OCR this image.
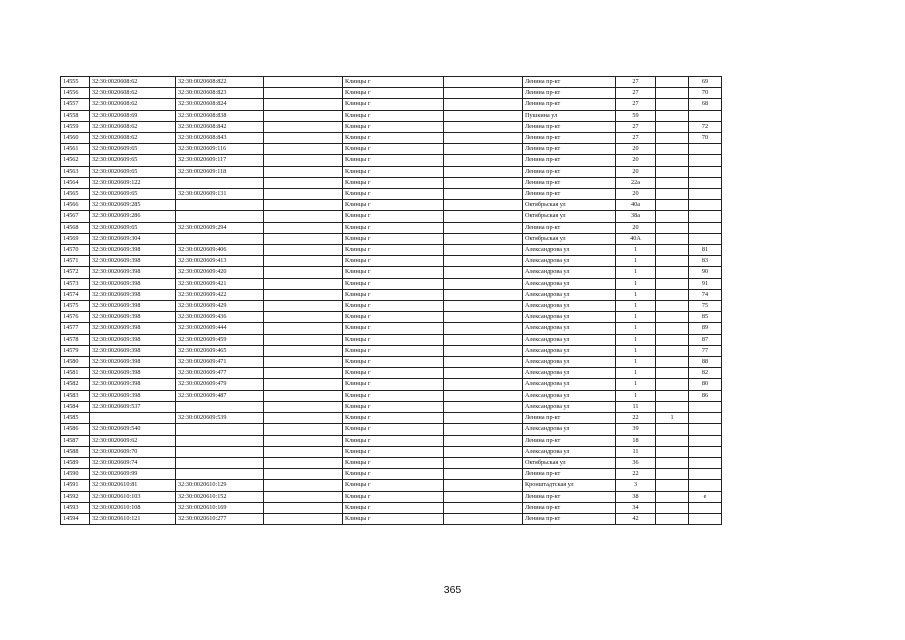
14555	32:30:0020608:62	32:30:0020608:822		Клинцы г		Ленина пр-кт	27		69
14556	32:30:0020608:62	32:30:0020608:823		Клинцы г		Ленина пр-кт	27		70
14557	32:30:0020608:62	32:30:0020608:824		Клинцы г		Ленина пр-кт	27		68
14558	32:30:0020608:69	32:30:0020608:838		Клинцы г		Пушкина ул	59		
14559	32:30:0020608:62	32:30:0020608:842		Клинцы г		Ленина пр-кт	27		72
14560	32:30:0020608:62	32:30:0020608:843		Клинцы г		Ленина пр-кт	27		70
14561	32:30:0020609:65	32:30:0020609:116		Клинцы г		Ленина пр-кт	20		
14562	32:30:0020609:65	32:30:0020609:117		Клинцы г		Ленина пр-кт	20		
14563	32:30:0020609:65	32:30:0020609:118		Клинцы г		Ленина пр-кт	20		
14564	32:30:0020609:122			Клинцы г		Ленина пр-кт	22а		
14565	32:30:0020609:65	32:30:0020609:131		Клинцы г		Ленина пр-кт	20		
14566	32:30:0020609:285			Клинцы г		Октябрьская ул	40а		
14567	32:30:0020609:286			Клинцы г		Октябрьская ул	38а		
14568	32:30:0020609:65	32:30:0020609:294		Клинцы г		Ленина пр-кт	20		
14569	32:30:0020609:304			Клинцы г		Октябрьская ул	40А		
14570	32:30:0020609:398	32:30:0020609:406		Клинцы г		Александрова ул	1		81
14571	32:30:0020609:398	32:30:0020609:413		Клинцы г		Александрова ул	1		83
14572	32:30:0020609:398	32:30:0020609:420		Клинцы г		Александрова ул	1		90
14573	32:30:0020609:398	32:30:0020609:421		Клинцы г		Александрова ул	1		91
14574	32:30:0020609:398	32:30:0020609:422		Клинцы г		Александрова ул	1		74
14575	32:30:0020609:398	32:30:0020609:429		Клинцы г		Александрова ул	1		75
14576	32:30:0020609:398	32:30:0020609:436		Клинцы г		Александрова ул	1		85
14577	32:30:0020609:398	32:30:0020609:444		Клинцы г		Александрова ул	1		89
14578	32:30:0020609:398	32:30:0020609:459		Клинцы г		Александрова ул	1		87
14579	32:30:0020609:398	32:30:0020609:465		Клинцы г		Александрова ул	1		77
14580	32:30:0020609:398	32:30:0020609:471		Клинцы г		Александрова ул	1		88
14581	32:30:0020609:398	32:30:0020609:477		Клинцы г		Александрова ул	1		82
14582	32:30:0020609:398	32:30:0020609:479		Клинцы г		Александрова ул	1		80
14583	32:30:0020609:398	32:30:0020609:487		Клинцы г		Александрова ул	1		86
14584	32:30:0020609:537			Клинцы г		Александрова ул	11		
14585		32:30:0020609:539		Клинцы г		Ленина пр-кт	22	1	
14586	32:30:0020609:540			Клинцы г		Александрова ул	39		
14587	32:30:0020609:62			Клинцы г		Ленина пр-кт	18		
14588	32:30:0020609:70			Клинцы г		Александрова ул	11		
14589	32:30:0020609:74			Клинцы г		Октябрьская ул	36		
14590	32:30:0020609:99			Клинцы г		Ленина пр-кт	22		
14591	32:30:0020610:81	32:30:0020610:129		Клинцы г		Кронштадтская ул	3		
14592	32:30:0020610:103	32:30:0020610:152		Клинцы г		Ленина пр-кт	38		е
14593	32:30:0020610:108	32:30:0020610:169		Клинцы г		Ленина пр-кт	34		
14594	32:30:0020610:121	32:30:0020610:277		Клинцы г		Ленина пр-кт	42		
365
